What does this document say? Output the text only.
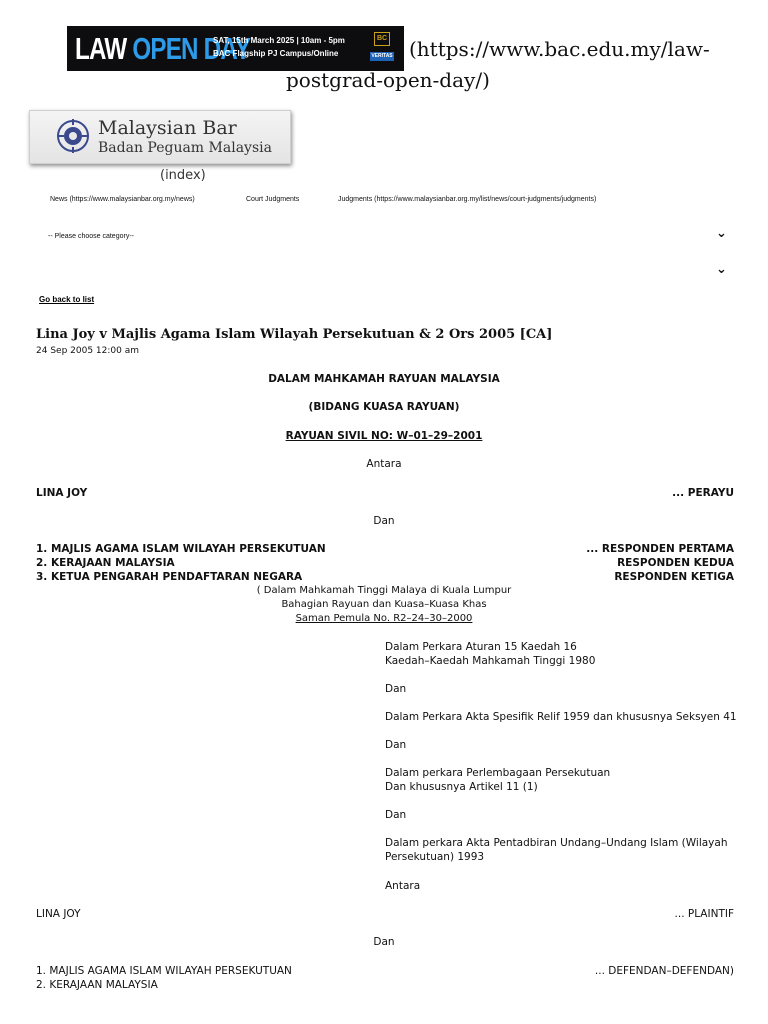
LAW OPEN DAY
SAT, 15th March 2025 | 10am - 5pm
BAC Flagship PJ Campus/Online
BC
VERITAS (https://www.bac.edu.my/law-
postgrad-open-day/)
Malaysian Bar
Badan Peguam Malaysia
(index)
News (https://www.malaysianbar.org.my/news)	Court Judgments	Judgments (https://www.malaysianbar.org.my/list/news/court-judgments/judgments)
-- Please choose category--	⌄
⌄
Go back to list
Lina Joy v Majlis Agama Islam Wilayah Persekutuan & 2 Ors 2005 [CA]
24 Sep 2005 12:00 am
DALAM MAHKAMAH RAYUAN MALAYSIA
(BIDANG KUASA RAYUAN)
RAYUAN SIVIL NO: W–01–29–2001
Antara
LINA JOY	... PERAYU
Dan
1. MAJLIS AGAMA ISLAM WILAYAH PERSEKUTUAN	... RESPONDEN PERTAMA
2. KERAJAAN MALAYSIA	RESPONDEN KEDUA
3. KETUA PENGARAH PENDAFTARAN NEGARA	RESPONDEN KETIGA
( Dalam Mahkamah Tinggi Malaya di Kuala Lumpur
Bahagian Rayuan dan Kuasa–Kuasa Khas
Saman Pemula No. R2–24–30–2000
Dalam Perkara Aturan 15 Kaedah 16
Kaedah–Kaedah Mahkamah Tinggi 1980
Dan
Dalam Perkara Akta Spesifik Relif 1959 dan khususnya Seksyen 41
Dan
Dalam perkara Perlembagaan Persekutuan
Dan khususnya Artikel 11 (1)
Dan
Dalam perkara Akta Pentadbiran Undang–Undang Islam (Wilayah
Persekutuan) 1993
Antara
LINA JOY	... PLAINTIF
Dan
1. MAJLIS AGAMA ISLAM WILAYAH PERSEKUTUAN	... DEFENDAN–DEFENDAN)
2. KERAJAAN MALAYSIA
